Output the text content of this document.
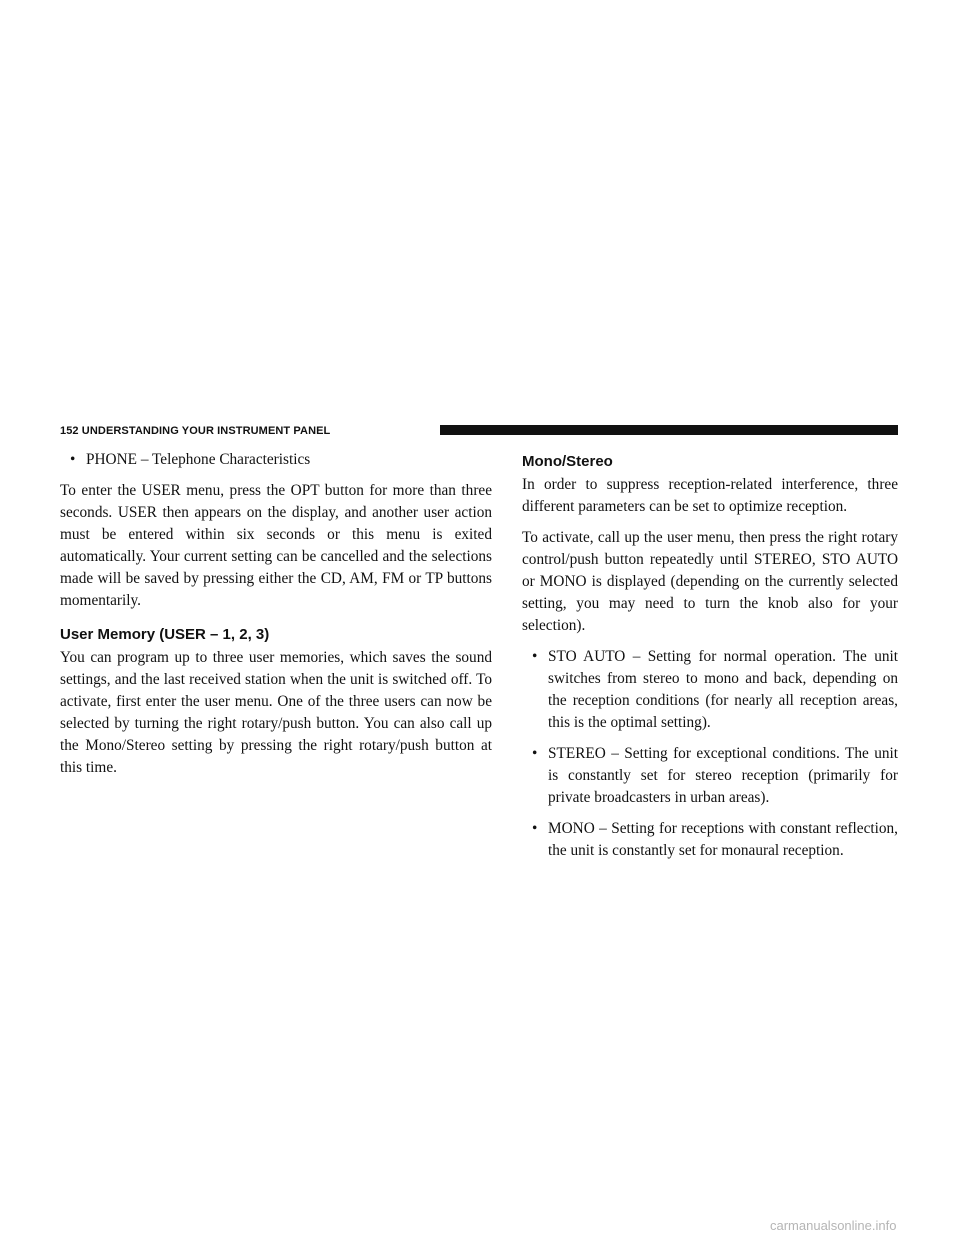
152 UNDERSTANDING YOUR INSTRUMENT PANEL
• PHONE – Telephone Characteristics

To enter the USER menu, press the OPT button for more than three seconds. USER then appears on the display, and another user action must be entered within six seconds or this menu is exited automatically. Your current setting can be cancelled and the selections made will be saved by pressing either the CD, AM, FM or TP buttons momentarily.

User Memory (USER – 1, 2, 3)

You can program up to three user memories, which saves the sound settings, and the last received station when the unit is switched off. To activate, first enter the user menu. One of the three users can now be selected by turning the right rotary/push button. You can also call up the Mono/Stereo setting by pressing the right rotary/push button at this time.

Mono/Stereo

In order to suppress reception-related interference, three different parameters can be set to optimize reception.

To activate, call up the user menu, then press the right rotary control/push button repeatedly until STEREO, STO AUTO or MONO is displayed (depending on the currently selected setting, you may need to turn the knob also for your selection).

• STO AUTO – Setting for normal operation. The unit switches from stereo to mono and back, depending on the reception conditions (for nearly all reception areas, this is the optimal setting).
• STEREO – Setting for exceptional conditions. The unit is constantly set for stereo reception (primarily for private broadcasters in urban areas).
• MONO – Setting for receptions with constant reflection, the unit is constantly set for monaural reception.
carmanualsonline.info
